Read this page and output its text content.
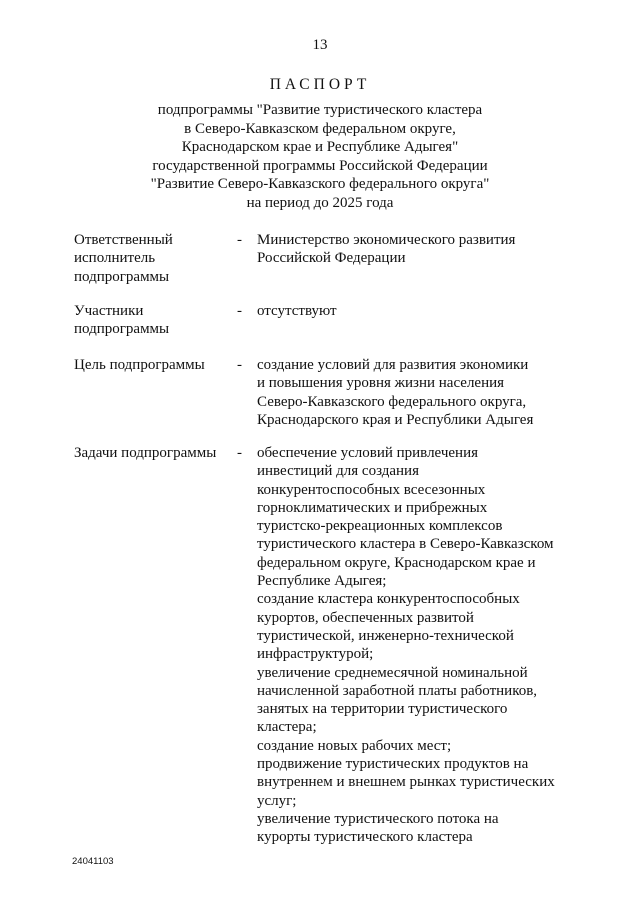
13
ПАСПОРТ
подпрограммы "Развитие туристического кластера
в Северо-Кавказском федеральном округе,
Краснодарском крае и Республике Адыгея"
государственной программы Российской Федерации
"Развитие Северо-Кавказского федерального округа"
на период до 2025 года
Ответственный
исполнитель
подпрограммы
- Министерство экономического развития
Российской Федерации
Участники
подпрограммы
- отсутствуют
Цель подпрограммы	- создание условий для развития экономики
и повышения уровня жизни населения
Северо-Кавказского федерального округа,
Краснодарского края и Республики Адыгея
Задачи подпрограммы	- обеспечение условий привлечения
инвестиций для создания
конкурентоспособных всесезонных
горноклиматических и прибрежных
туристско-рекреационных комплексов
туристического кластера в Северо-Кавказском
федеральном округе, Краснодарском крае и
Республике Адыгея;
создание кластера конкурентоспособных
курортов, обеспеченных развитой
туристической, инженерно-технической
инфраструктурой;
увеличение среднемесячной номинальной
начисленной заработной платы работников,
занятых на территории туристического
кластера;
создание новых рабочих мест;
продвижение туристических продуктов на
внутреннем и внешнем рынках туристических
услуг;
увеличение туристического потока на
курорты туристического кластера
24041103
